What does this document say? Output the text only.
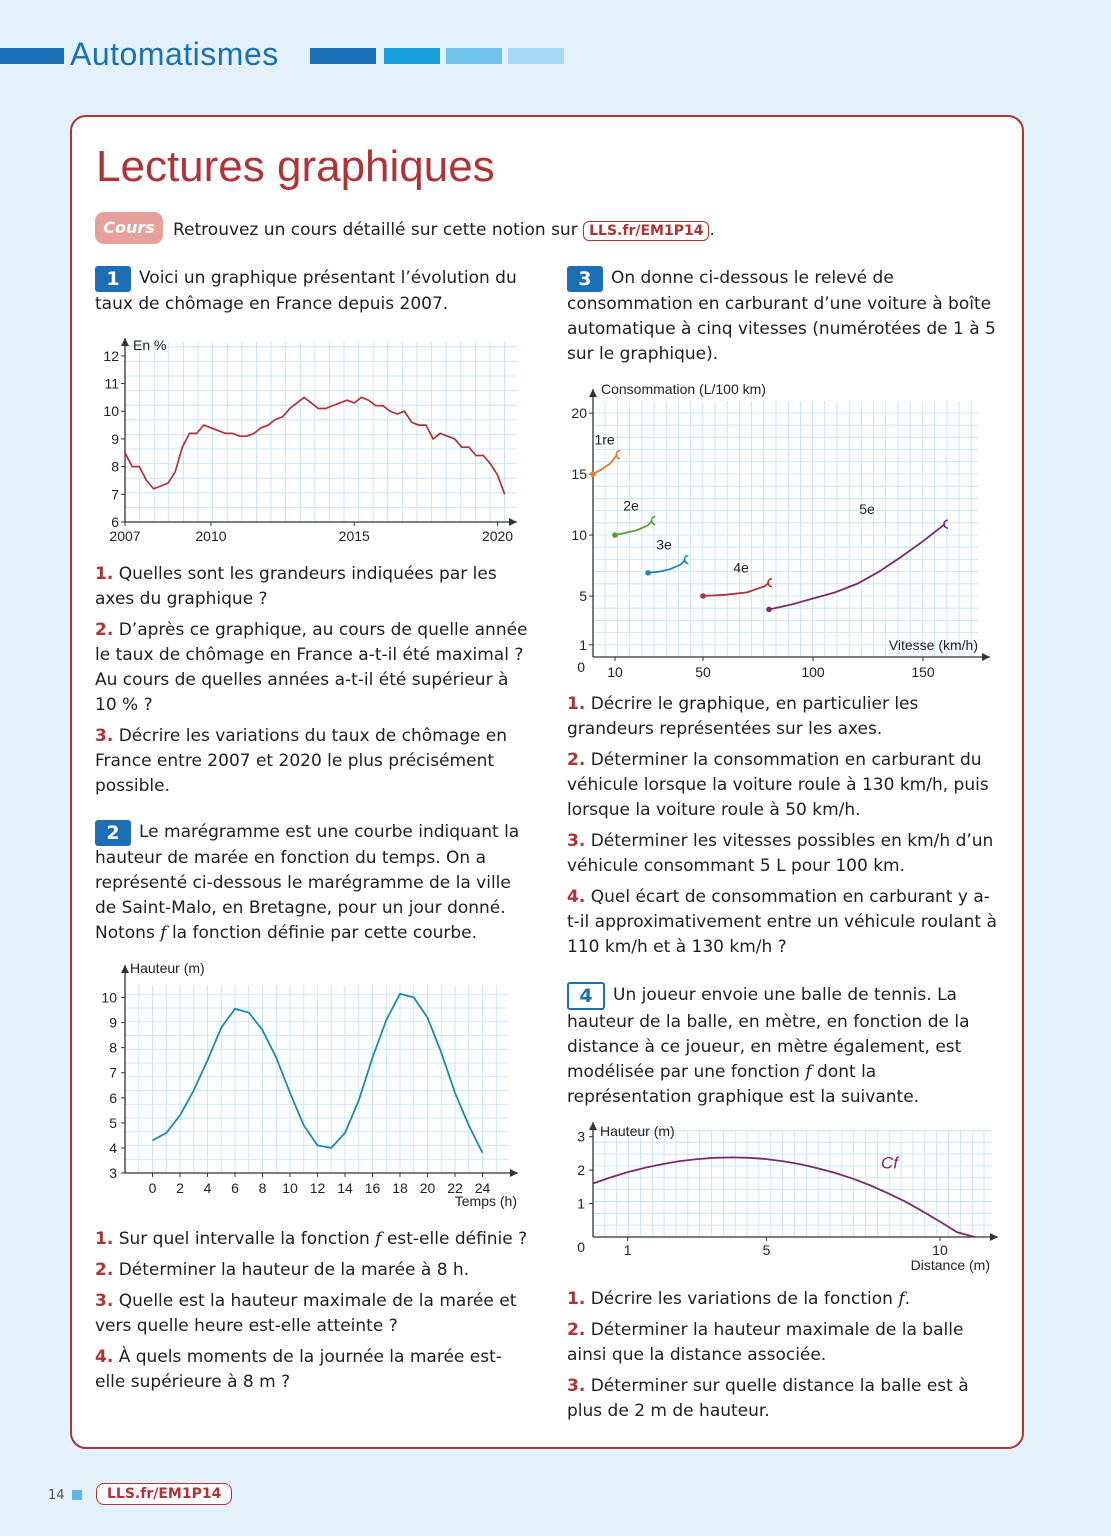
Automatismes
Lectures graphiques
Cours	Retrouvez un cours détaillé sur cette notion sur LLS.fr/EM1P14 .
1 Voici un graphique présentant l’évolution du taux de chômage en France depuis 2007.
En %
6
7
8
9
10
11
12
2007	2010	2015	2020

1. Quelles sont les grandeurs indiquées par les axes du graphique ?

2. D’après ce graphique, au cours de quelle année le taux de chômage en France a-t-il été maximal ? Au cours de quelles années a-t-il été supérieur à 10 % ?

3. Décrire les variations du taux de chômage en France entre 2007 et 2020 le plus précisément possible.

2 Le marégramme est une courbe indiquant la hauteur de marée en fonction du temps. On a représenté ci-dessous le marégramme de la ville de Saint-Malo, en Bretagne, pour un jour donné. Notons f la fonction définie par cette courbe.
Hauteur (m)
Temps (h)
3
4
5
6
7
8
9
10
0 2 4 6 8 10 12 14 16 18 20 22 24

1. Sur quel intervalle la fonction f est-elle définie ?

2. Déterminer la hauteur de la marée à 8 h.

3. Quelle est la hauteur maximale de la marée et vers quelle heure est-elle atteinte ?

4. À quels moments de la journée la marée est-elle supérieure à 8 m ?

3 On donne ci-dessous le relevé de consommation en carburant d’une voiture à boîte automatique à cinq vitesses (numérotées de 1 à 5 sur le graphique).
Consommation (L/100 km)
Vitesse (km/h)
0
1
5
10
15
20
10	50	100	150
1re
2e
3e
4e
5e

1. Décrire le graphique, en particulier les grandeurs représentées sur les axes.

2. Déterminer la consommation en carburant du véhicule lorsque la voiture roule à 130 km/h, puis lorsque la voiture roule à 50 km/h.

3. Déterminer les vitesses possibles en km/h d’un véhicule consommant 5 L pour 100 km.

4. Quel écart de consommation en carburant y a-t-il approximativement entre un véhicule roulant à 110 km/h et à 130 km/h ?

4 Un joueur envoie une balle de tennis. La hauteur de la balle, en mètre, en fonction de la distance à ce joueur, en mètre également, est modélisée par une fonction f dont la représentation graphique est la suivante.
Hauteur (m)
Distance (m)
0
1
2
3
1	5	10
Cf

1. Décrire les variations de la fonction f.

2. Déterminer la hauteur maximale de la balle ainsi que la distance associée.

3. Déterminer sur quelle distance la balle est à plus de 2 m de hauteur.

14	LLS.fr/EM1P14
